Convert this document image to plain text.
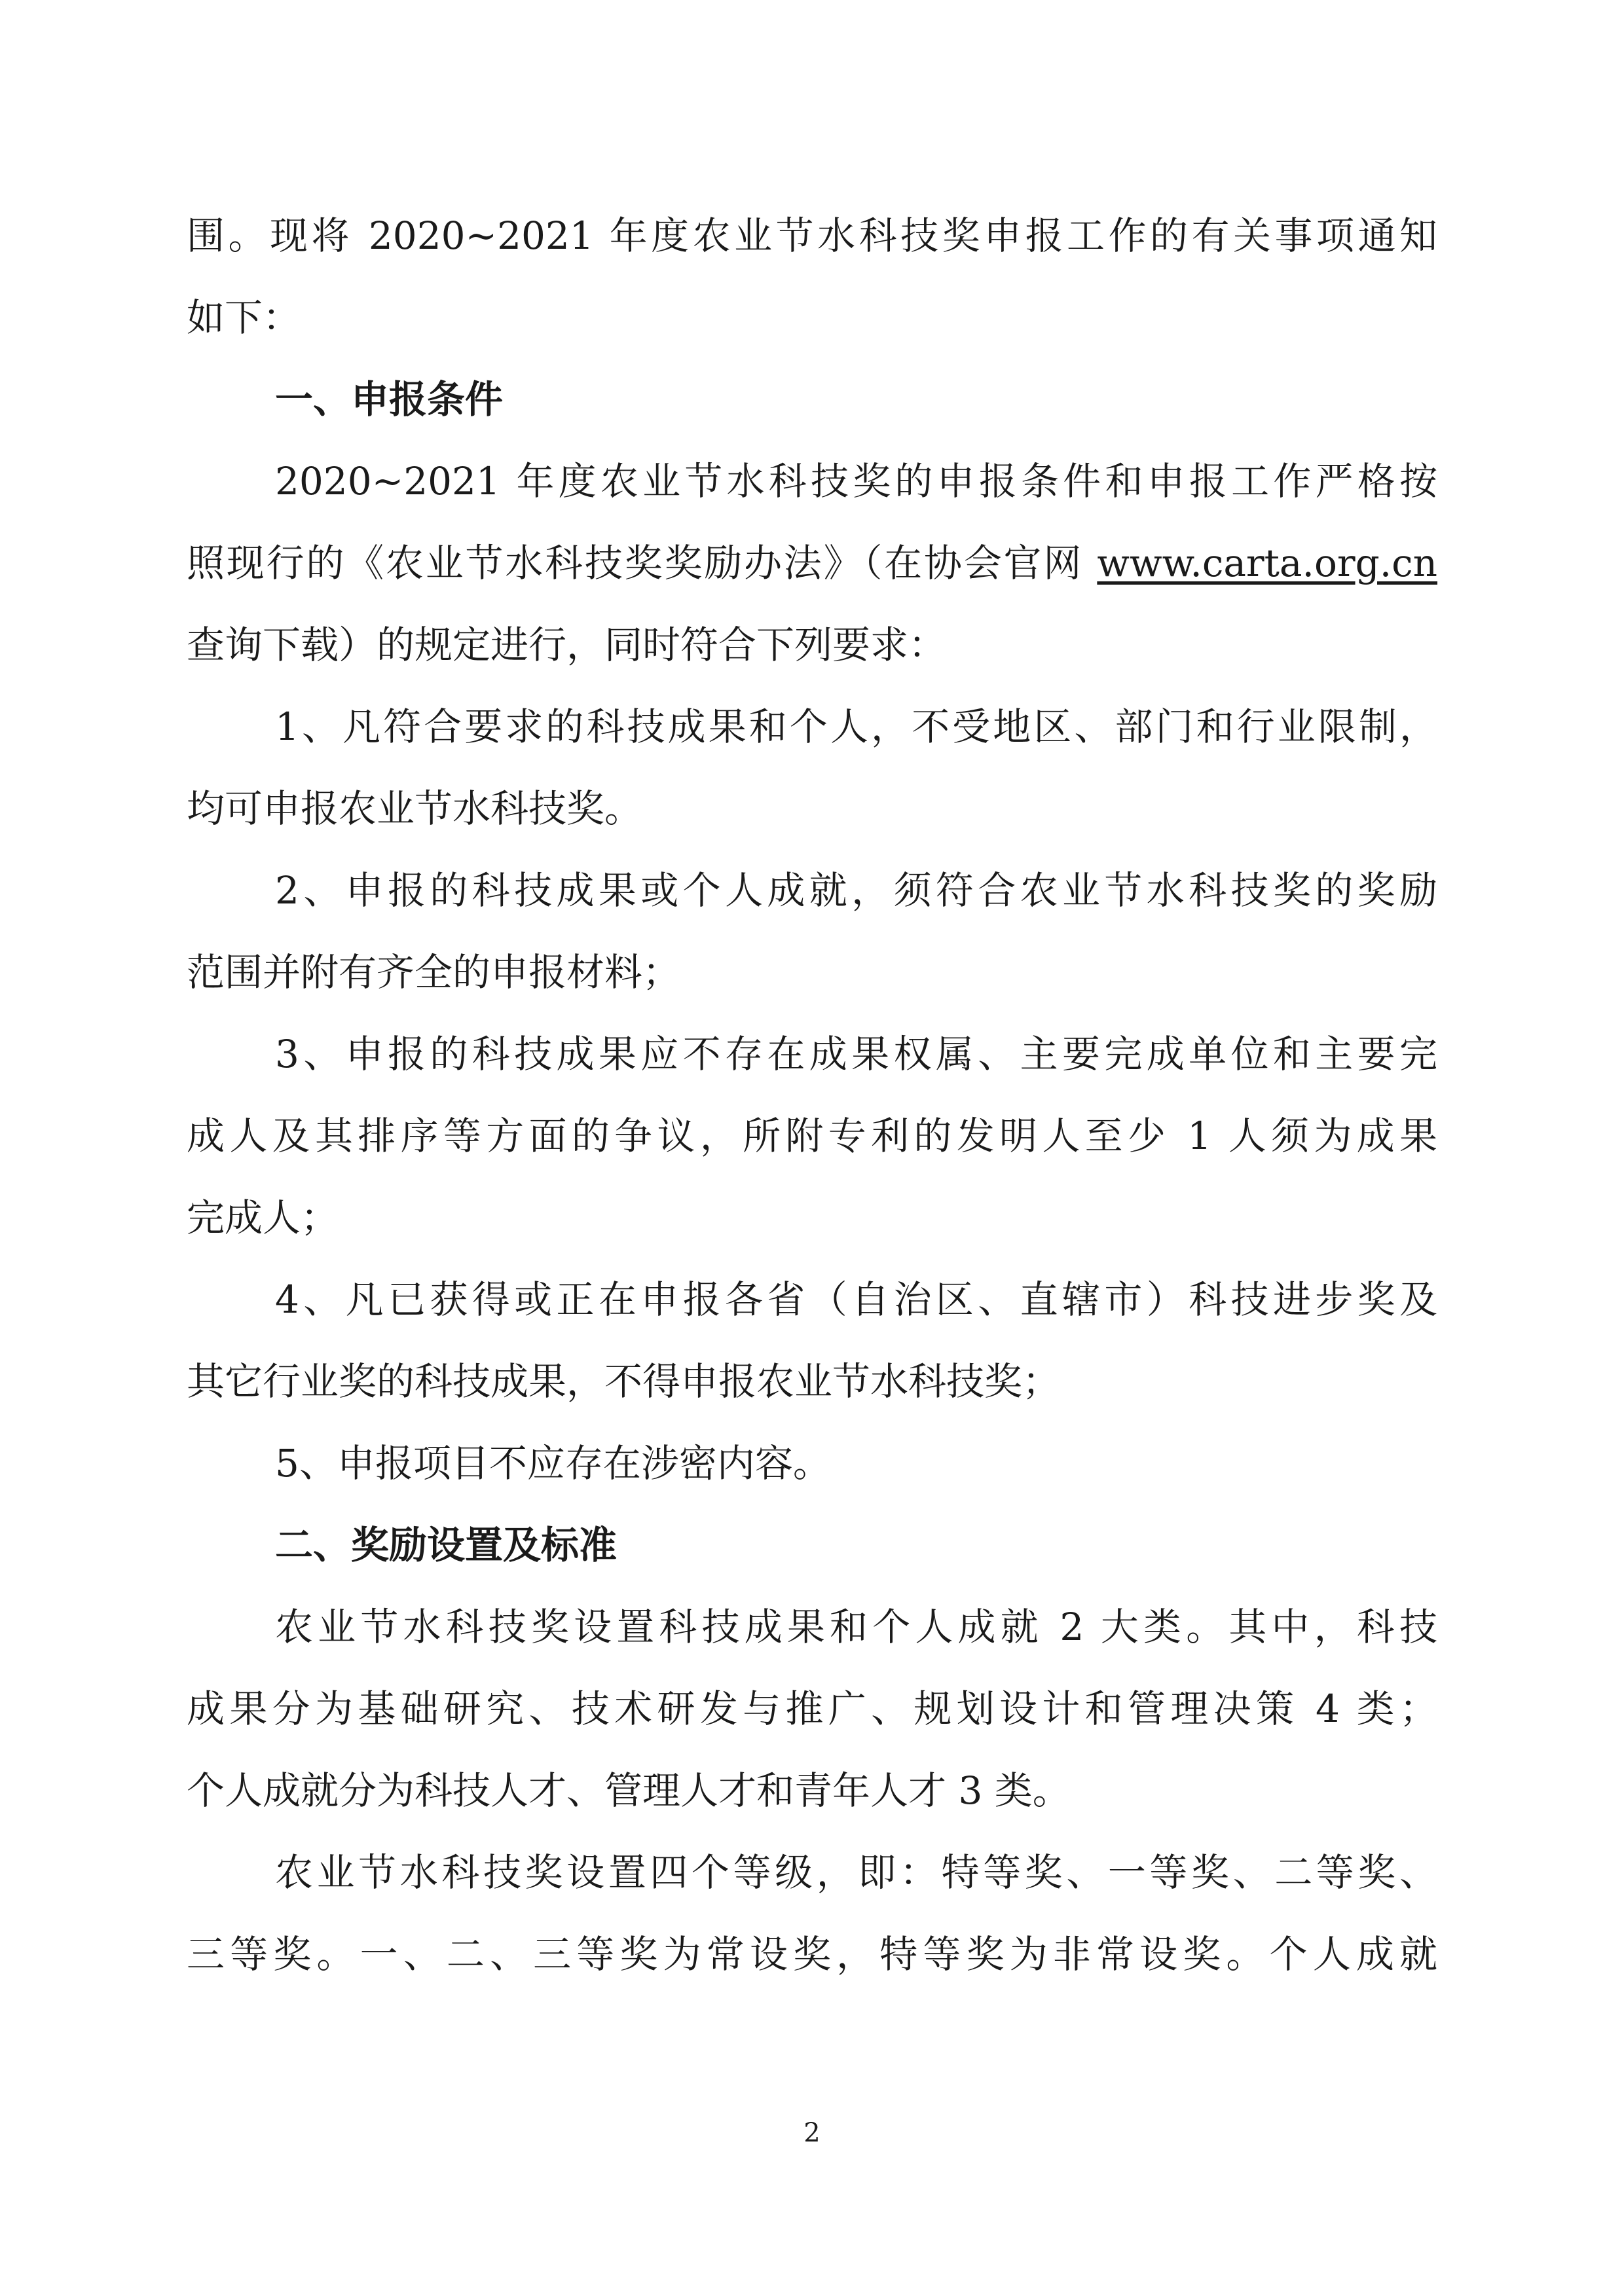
围。现将 2020~2021 年度农业节水科技奖申报工作的有关事项通知
如下：
一、申报条件
2020~2021 年度农业节水科技奖的申报条件和申报工作严格按
照现行的《农业节水科技奖奖励办法》（在协会官网 www.carta.org.cn
查询下载）的规定进行，同时符合下列要求：
1、凡符合要求的科技成果和个人，不受地区、部门和行业限制，
均可申报农业节水科技奖。
2、申报的科技成果或个人成就，须符合农业节水科技奖的奖励
范围并附有齐全的申报材料；
3、申报的科技成果应不存在成果权属、主要完成单位和主要完
成人及其排序等方面的争议，所附专利的发明人至少 1 人须为成果
完成人；
4、凡已获得或正在申报各省（自治区、直辖市）科技进步奖及
其它行业奖的科技成果，不得申报农业节水科技奖；
5、申报项目不应存在涉密内容。
二、奖励设置及标准
农业节水科技奖设置科技成果和个人成就 2 大类。其中，科技
成果分为基础研究、技术研发与推广、规划设计和管理决策 4 类；
个人成就分为科技人才、管理人才和青年人才 3 类。
农业节水科技奖设置四个等级，即：特等奖、一等奖、二等奖、
三等奖。一、二、三等奖为常设奖，特等奖为非常设奖。个人成就
2
